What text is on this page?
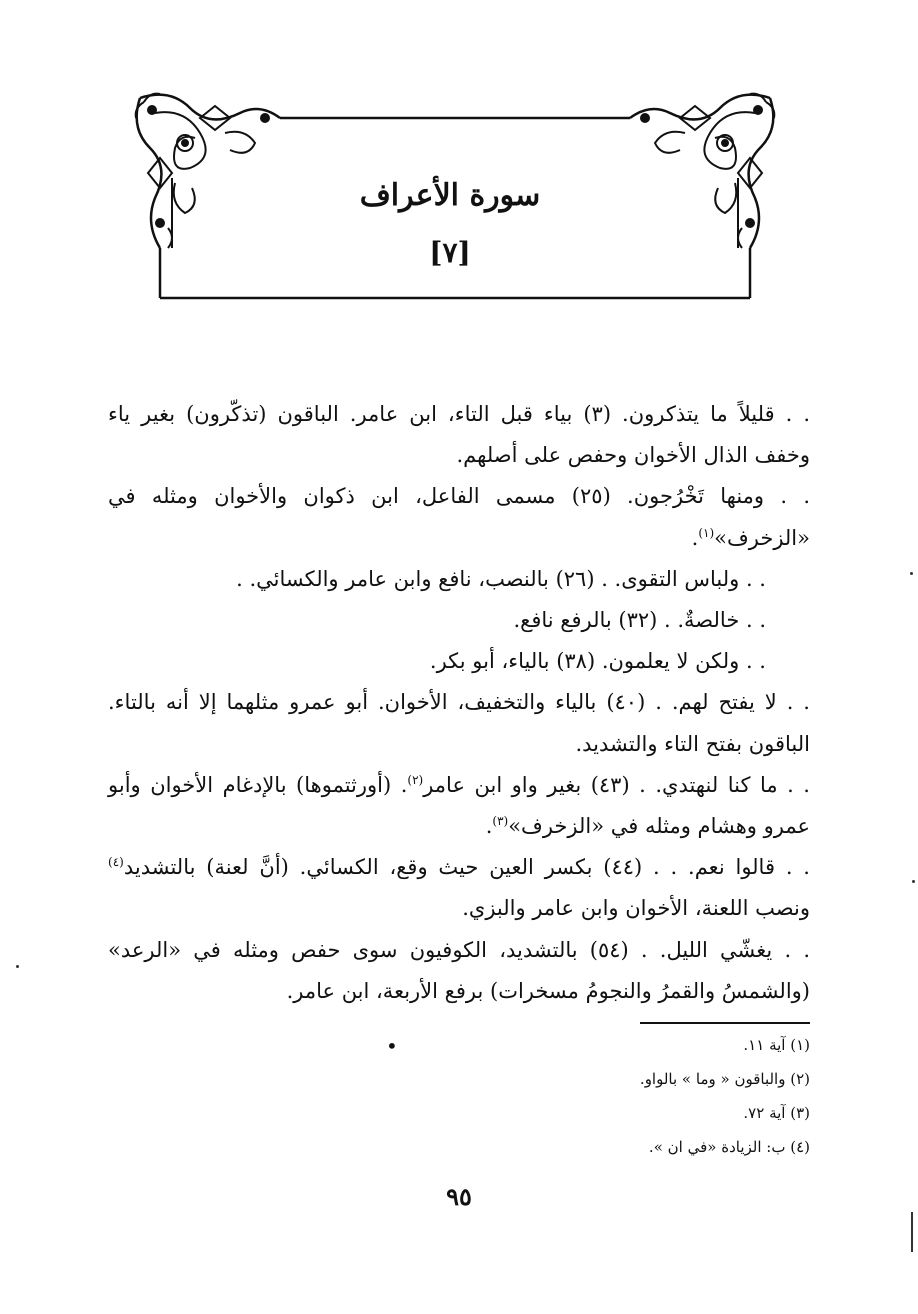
سورة الأعراف
[٧]

. . قليلاً ما يتذكرون. (٣) بياء قبل التاء، ابن عامر. الباقون (تذكّرون) بغير ياء وخفف الذال الأخوان وحفص على أصلهم.

. . ومنها تَخْرُجون. (٢٥) مسمى الفاعل، ابن ذكوان والأخوان ومثله في «الزخرف»$^{(١)}$.

. . ولباس التقوى. . (٢٦) بالنصب، نافع وابن عامر والكسائي. .

. . خالصةٌ. . (٣٢) بالرفع نافع.

. . ولكن لا يعلمون. (٣٨) بالياء، أبو بكر.

. . لا يفتح لهم. . (٤٠) بالياء والتخفيف، الأخوان. أبو عمرو مثلهما إلا أنه بالتاء. الباقون بفتح التاء والتشديد.

. . ما كنا لنهتدي. . (٤٣) بغير واو ابن عامر$^{(٢)}$. (أورثتموها) بالإدغام الأخوان وأبو عمرو وهشام ومثله في «الزخرف»$^{(٣)}$.

. . قالوا نعم. . . (٤٤) بكسر العين حيث وقع، الكسائي. (أنَّ لعنة) بالتشديد$^{(٤)}$ ونصب اللعنة، الأخوان وابن عامر والبزي.

. . يغشّي الليل. . (٥٤) بالتشديد، الكوفيون سوى حفص ومثله في «الرعد» (والشمسُ والقمرُ والنجومُ مسخرات) برفع الأربعة، ابن عامر.

•	(١) آية ١١.
(٢) والباقون « وما » بالواو.
(٣) آية ٧٢.
(٤) ب: الزيادة «في ان ».
٩٥
